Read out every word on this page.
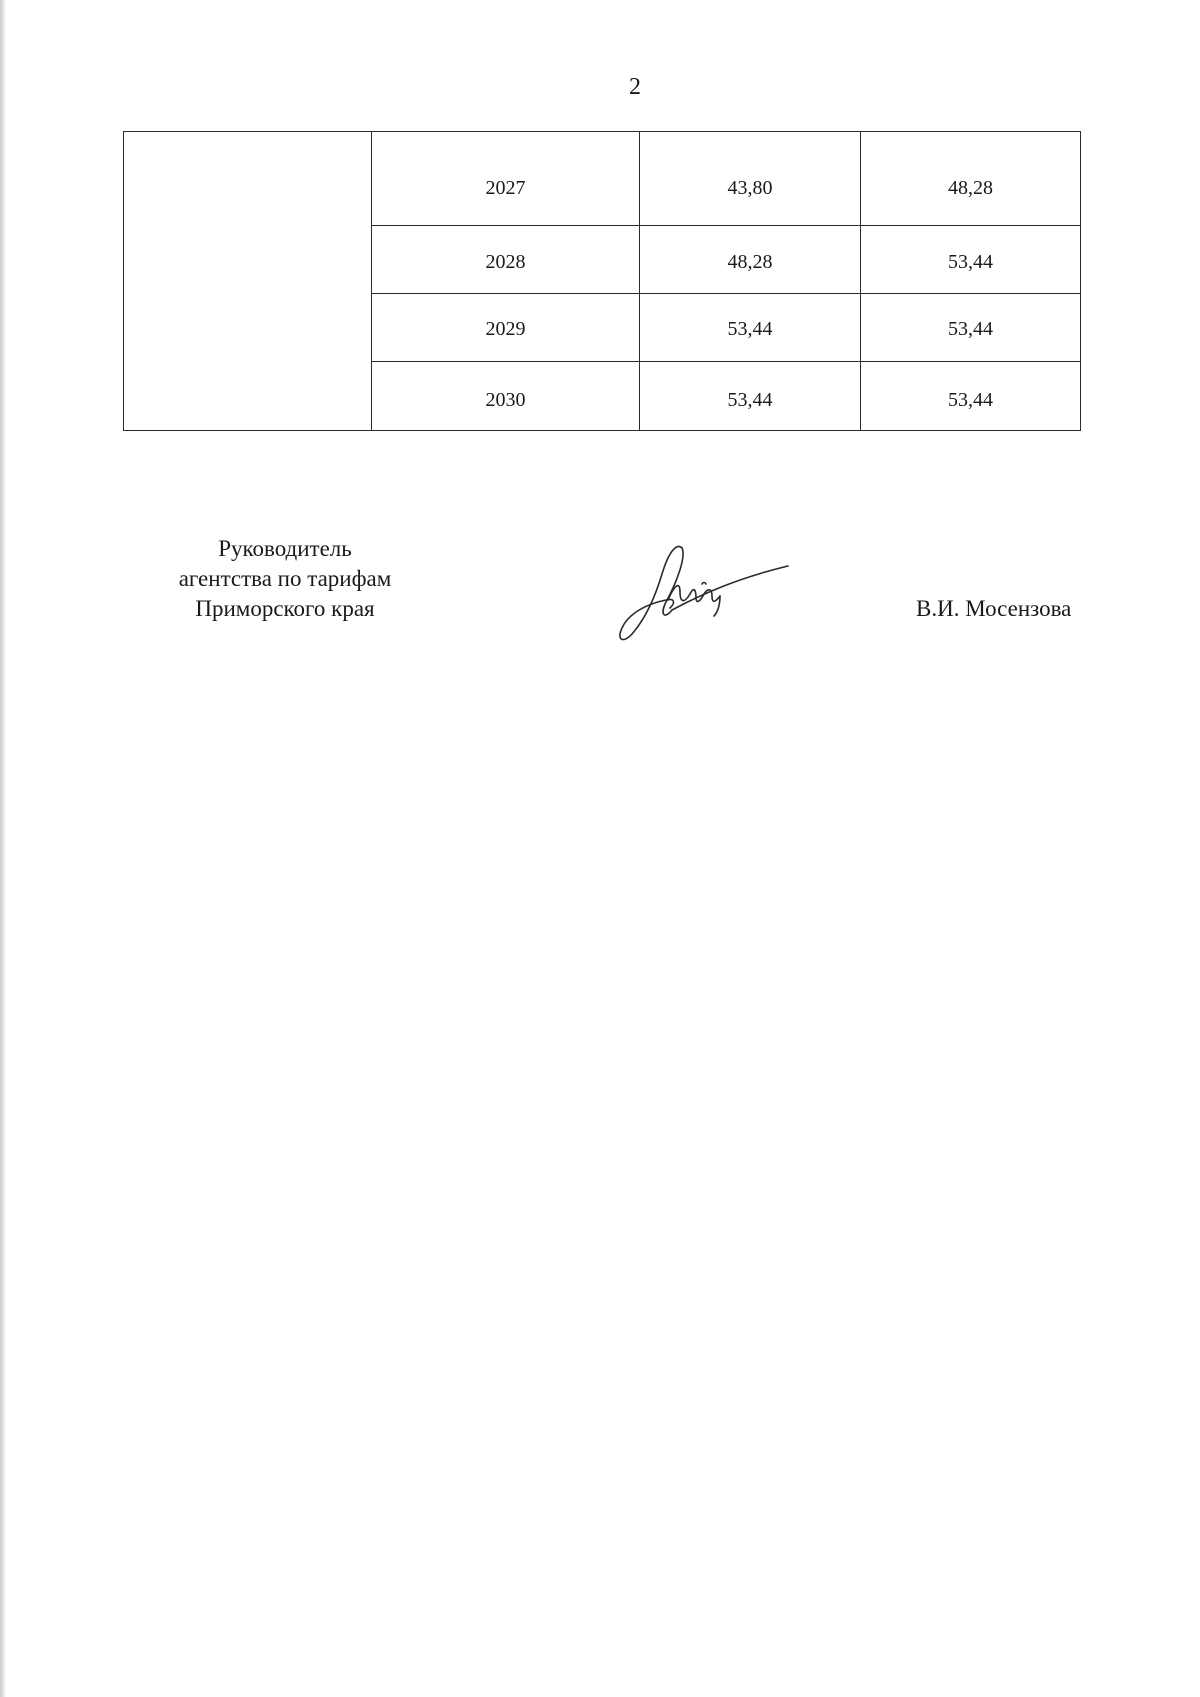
2
	2027	43,80	48,28
	2028	48,28	53,44
	2029	53,44	53,44
	2030	53,44	53,44
Руководитель
агентства по тарифам
Приморского края	В.И. Мосензова
